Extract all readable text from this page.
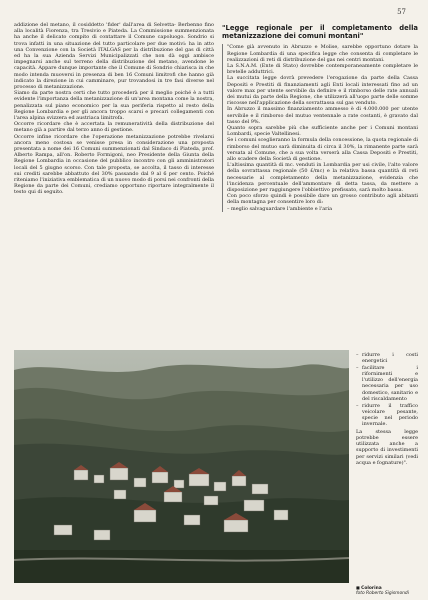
57

addizione del metano, il cosiddetto 'fider' dall'area di Selvetta- Berbenno fino alla località Fiorenza, tra Tresivio e Piateda. La Commissione summenzionata ha anche il delicato compito di contattare il Comune capoluogo. Sondrio si trova infatti in una situazione del tutto particolare per due motivi: ha in atto una Convenzione con la Società ITALGAS per la distribuzione del gas di città ed ha la sua Azienda Servizi Municipalizzati che non dà oggi ambisce impegnarsi anche sul terreno della distribuzione del metano, avendone le capacità. Appare dunque importante che il Comune di Sondrio chiarisca in che modo intenda muoversi in presenza di ben 16 Comuni limitrofi che hanno già indicato la direzione in cui camminare, pur trovandosi in tre fasi diverse nel processo di metanizzazione.

Siamo da parte nostra certi che tutto procederà per il meglio poiché è a tutti evidente l'importanza della metanizzazione di un'area montana come la nostra, penalizzata sul piano economico per la sua periferia rispetto al resto della Regione Lombardia e per gli ancora troppo scarsi e precari collegamenti con l'area alpina svizzera ed austriaca limitrofa.

Occorre ricordare che è accertata la remuneratività della distribuzione del metano già a partire dal terzo anno di gestione.

Occorre infine ricordare che l'operazione metanizzazione potrebbe rivelarsi ancora meno costosa se venisse presa in considerazione una proposta presentata a nome dei 16 Comuni summenzionati dal Sindaco di Piateda, prof. Alberto Rampa, all'on. Roberto Formigoni, neo Presidente della Giunta della Regione Lombardia in occasione del pubblico incontro con gli amministratori locali del 5 giugno scorso. Con tale proposta, se accolta, il tasso di interesse sui crediti sarebbe abbattuto del 30% passando dal 9 al 6 per cento. Poiché riteniamo l'iniziativa emblematica di un nuovo modo di porsi nei confronti della Regione da parte dei Comuni, crediamo opportuno riportare integralmente il testo qui di seguito.

"Legge regionale per il completamento della metanizzazione dei comuni montani"

"Come già avvenuto in Abruzzo e Molise, sarebbe opportuno dotare la Regione Lombardia di una specifica legge che consenta di completare le realizzazioni di reti di distribuzione del gas nei centri montani.

La S.N.A.M. (Ente di Stato) dovrebbe contemporaneamente completare le bretelle adduttrici.

La succitata legge dovrà prevedere l'erogazione da parte della Cassa Depositi e Prestiti di finanziamenti agli Enti locali interessati fino ad un valore max per utente servibile da definire e il rimborso delle rate annuali dei mutui da parte della Regione, che utilizzerà all'uopo parte delle somme riscosse nell'applicazione della sovrattassa sul gas venduto.

In Abruzzo il massimo finanziamento ammesso è di 4.000.000 per utente servibile e il rimborso del mutuo ventennale a rate costanti, è gravato dal tasso del 9%.

Quanto sopra sarebbe più che sufficiente anche per i Comuni montani Lombardi, specie Valtellinesi.

Se i comuni sceglieranno la formula della concessione, la quota regionale di rimborso del mutuo sarà diminuita di circa il 30%, la rimanente parte sarà versata al Comune, che a sua volta verserà alla Cassa Depositi e Prestiti, allo scadere della Società di gestione.

L'altissima quantità di mc. venduti in Lombardia per usi civile, l'alto valore della sovrattassa regionale (50 £/mc) e la relativa bassa quantità di reti necessarie al completamento della metanizzazione, evidenzia che l'incidenza percentuale dell'ammontare di detta tassa, da mettere a disposizione per raggiungere l'obbiettivo prefissato, sarà molto bassa.

Con poco sforzo quindi è possibile dare un grosso contributo agli abitanti della montagna per consentire loro di:

– meglio salvaguardare l'ambiente e l'aria

– ridurre i costi energetici
– facilitare i rifornimenti e l'utilizzo dell'energia necessaria per uso domestico, sanitario e del riscaldamento
– ridurre il traffico veicolare pesante, specie nel periodo invernale.

La stessa legge potrebbe essere utilizzata anche a supporto di investimenti per servizi similari (vedi acqua e fognature)".

■ Colorina
foto Roberto Sigismondi
